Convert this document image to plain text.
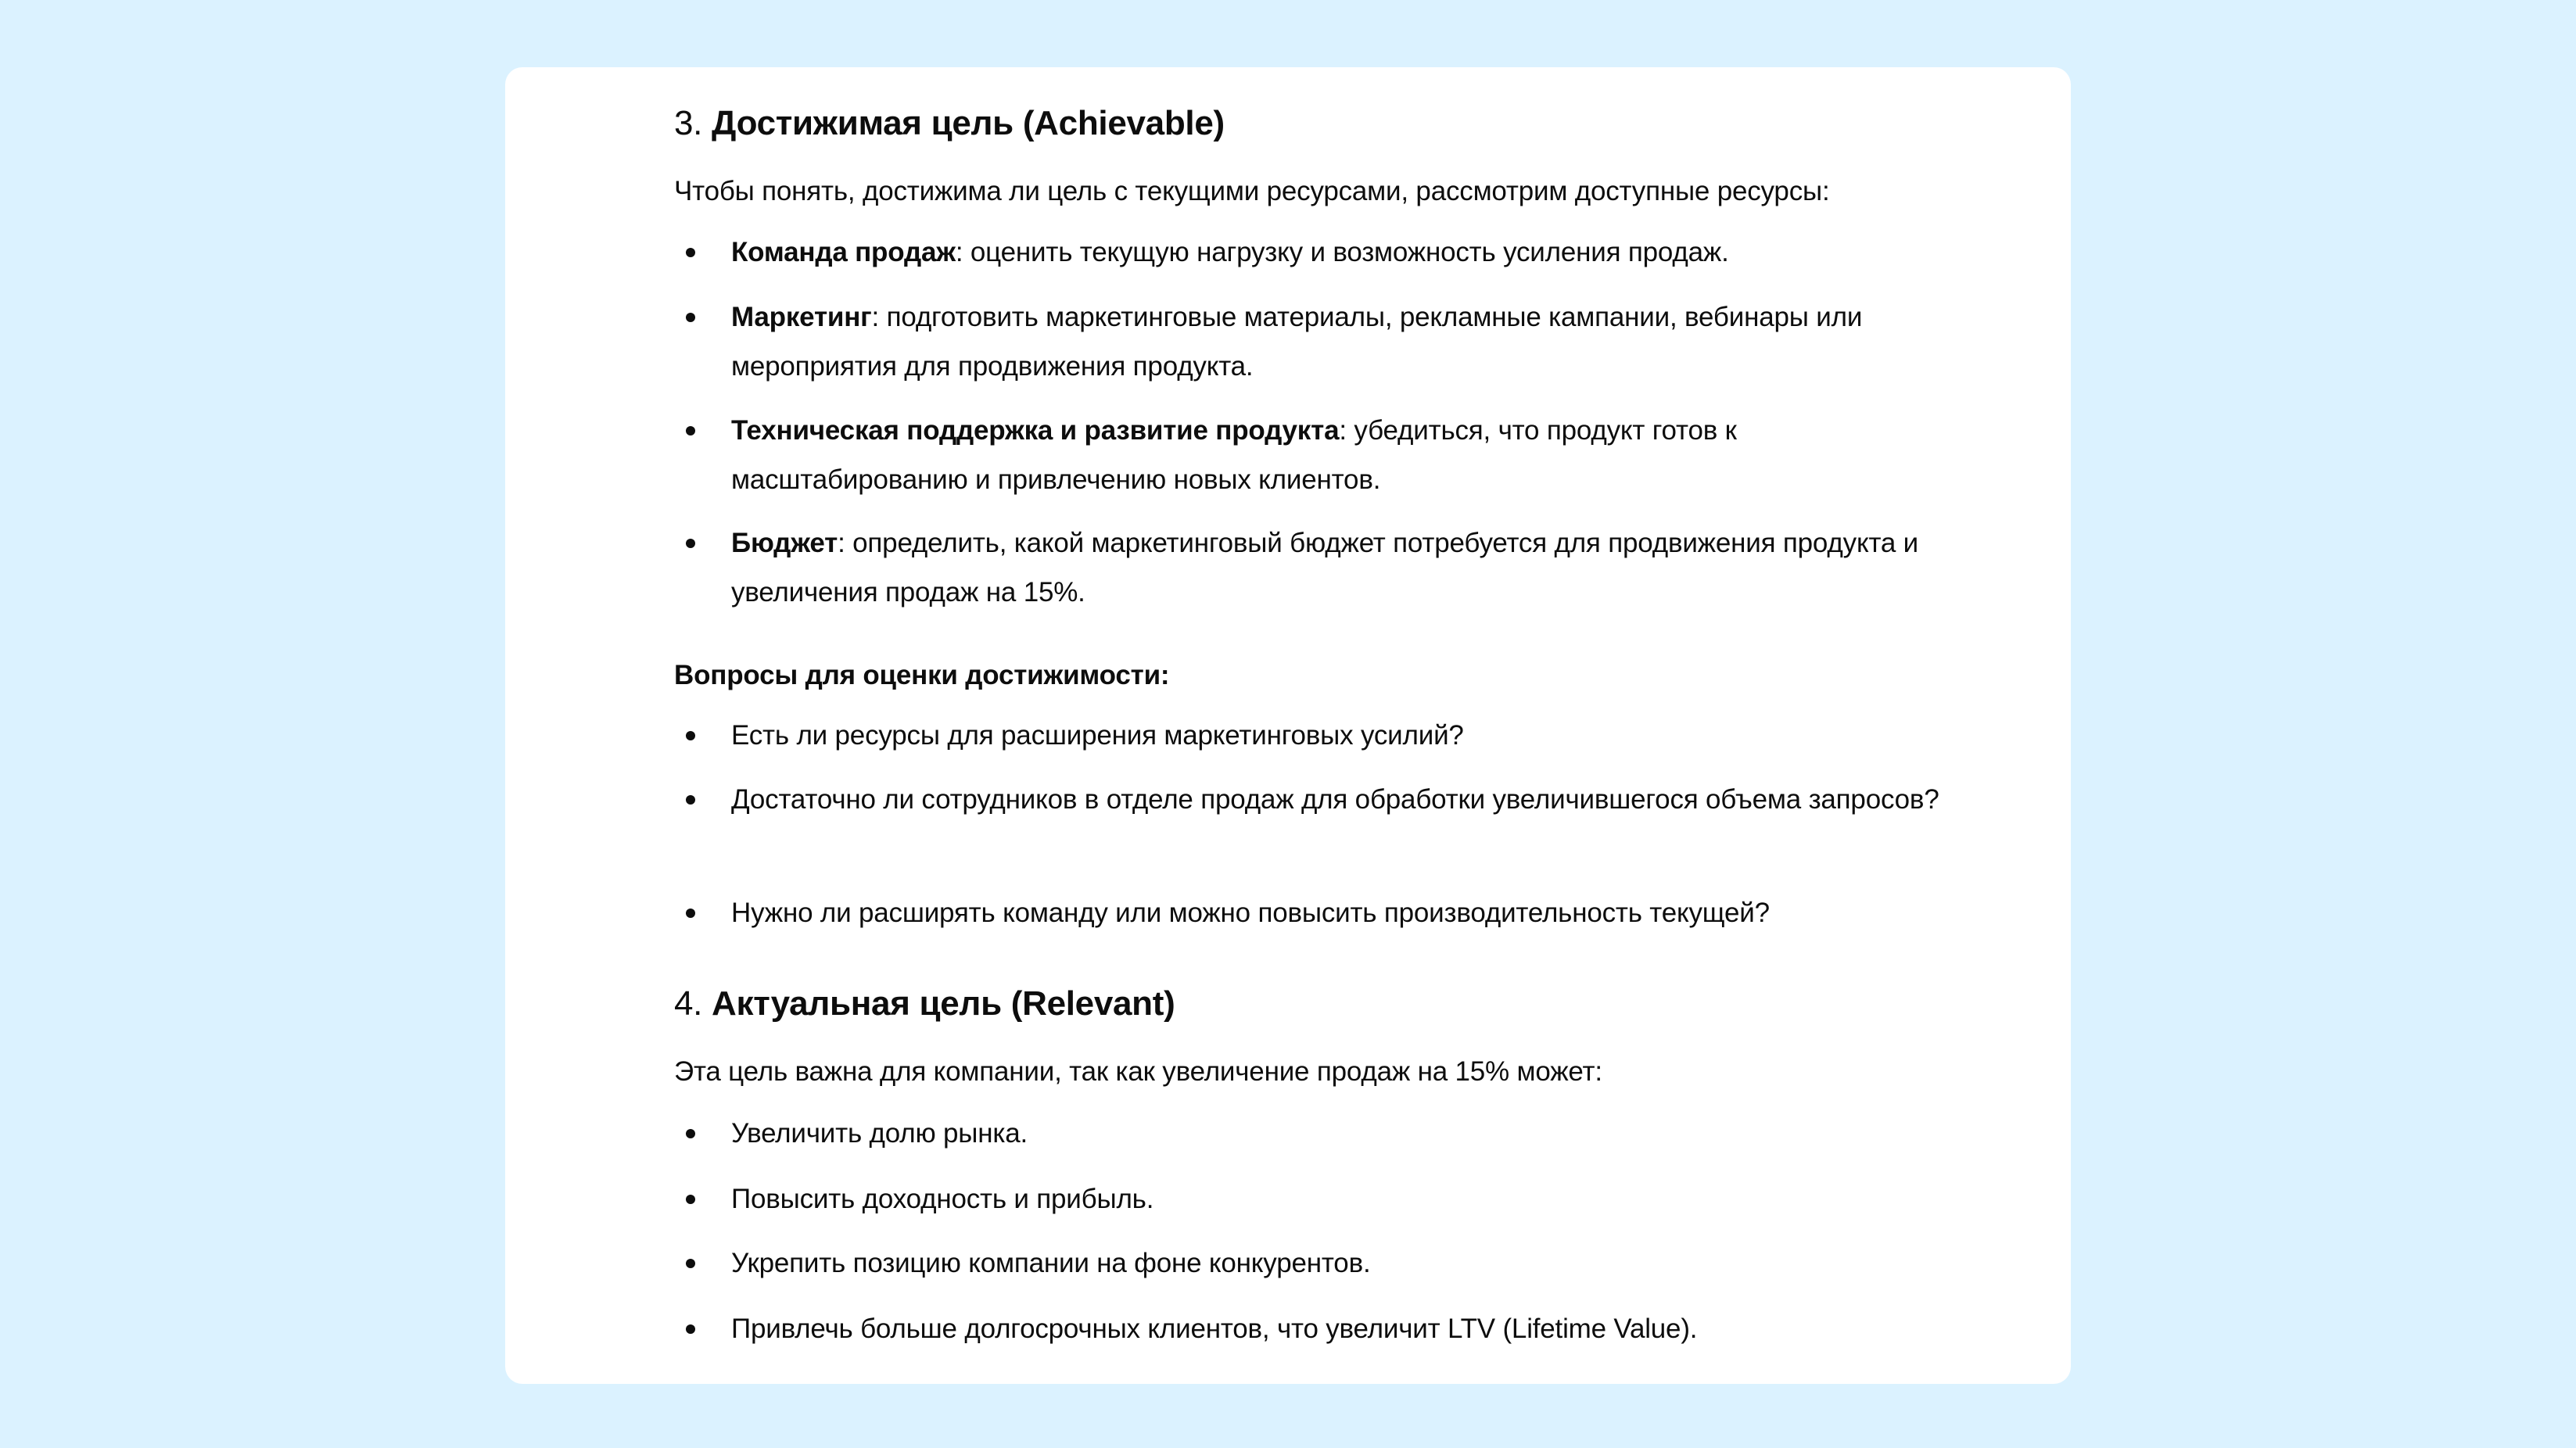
3. Достижимая цель (Achievable)
Чтобы понять, достижима ли цель с текущими ресурсами, рассмотрим доступные ресурсы:
Команда продаж: оценить текущую нагрузку и возможность усиления продаж.
Маркетинг: подготовить маркетинговые материалы, рекламные кампании, вебинары или мероприятия для продвижения продукта.
Техническая поддержка и развитие продукта: убедиться, что продукт готов к масштабированию и привлечению новых клиентов.
Бюджет: определить, какой маркетинговый бюджет потребуется для продвижения продукта и увеличения продаж на 15%.
Вопросы для оценки достижимости:
Есть ли ресурсы для расширения маркетинговых усилий?
Достаточно ли сотрудников в отделе продаж для обработки увеличившегося объема запросов?
Нужно ли расширять команду или можно повысить производительность текущей?
4. Актуальная цель (Relevant)
Эта цель важна для компании, так как увеличение продаж на 15% может:
Увеличить долю рынка.
Повысить доходность и прибыль.
Укрепить позицию компании на фоне конкурентов.
Привлечь больше долгосрочных клиентов, что увеличит LTV (Lifetime Value).
